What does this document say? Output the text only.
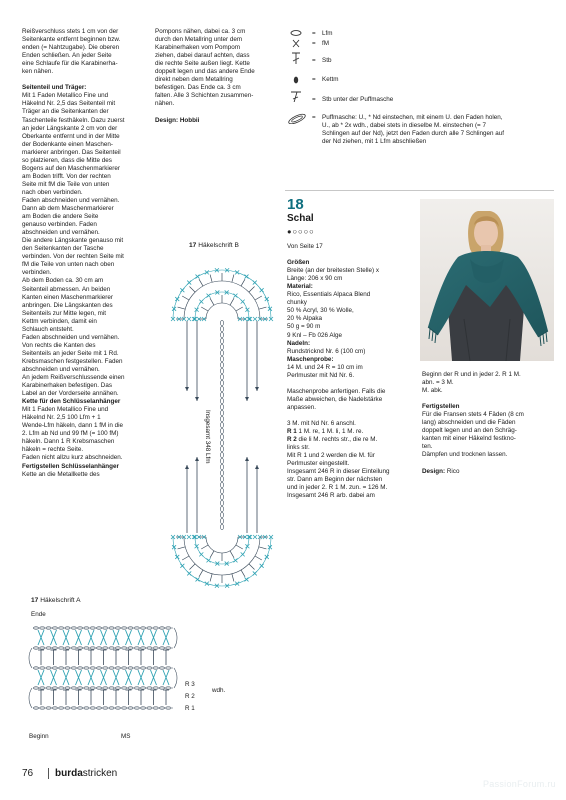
Reißverschluss stets 1 cm von der
Seitenkante entfernt beginnen bzw.
enden (= Nahtzugabe). Die oberen
Enden schließen. An jeder Seite
eine Schlaufe für die Karabinerha-
ken nähen.

Seitenteil und Träger:
Mit 1 Faden Metallico Fine und
Häkelnd Nr. 2,5 das Seitenteil mit
Träger an die Seitenkanten der
Taschenteile festhäkeln. Dazu zuerst
an jeder Längskante 2 cm von der
Oberkante entfernt und in der Mitte
der Bodenkante einen Maschen-
markierer anbringen. Das Seitenteil
so platzieren, dass die Mitte des
Bogens auf den Maschenmarkierer
am Boden trifft. Von der rechten
Seite mit fM die Teile von unten
nach oben verbinden.
Faden abschneiden und vernähen.
Dann ab dem Maschenmarkierer
am Boden die andere Seite
genauso verbinden. Faden
abschneiden und vernähen.
Die andere Längskante genauso mit
den Seitenkanten der Tasche
verbinden. Von der rechten Seite mit
fM die Teile von unten nach oben
verbinden.
Ab dem Boden ca. 30 cm am
Seitenteil abmessen. An beiden
Kanten einen Maschenmarkierer
anbringen. Die Längskanten des
Seitenteils zur Mitte legen, mit
Kettm verbinden, damit ein
Schlauch entsteht.
Faden abschneiden und vernähen.
Von rechts die Kanten des
Seitenteils an jeder Seite mit 1 Rd.
Krebsmaschen festgestellen. Faden
abschneiden und vernähen.
An jedem Reißverschlussende einen
Karabinerhaken befestigen. Das
Label an der Vorderseite annähen.
Kette für den Schlüsselanhänger
Mit 1 Faden Metallico Fine und
Häkelnd Nr. 2,5 100 Lfm + 1
Wende-Lfm häkeln, dann 1 fM in die
2. Lfm ab Nd und 99 fM (= 100 fM)
häkeln. Dann 1 R Krebsmaschen
häkeln = rechte Seite.
Faden nicht allzu kurz abschneiden.
Fertigstellen Schlüsselanhänger
Kette an die Metallkette des
Pompons nähen, dabei ca. 3 cm
durch den Metallring unter dem
Karabinerhaken vom Pompom
ziehen, dabei darauf achten, dass
die rechte Seite außen liegt. Kette
doppelt legen und das andere Ende
direkt neben dem Metallring
befestigen. Das Ende ca. 3 cm
falten. Alle 3 Schichten zusammen-
nähen.

Design: Hobbii
= Lfm
= fM
= Stb
= Kettm
= Stb unter der Puffmasche
= Puffmasche: U., * Nd einstechen, mit einem U. den Faden holen,
U., ab * 2x wdh., dabei stets in dieselbe M. einstechen (= 7
Schlingen auf der Nd), jetzt den Faden durch alle 7 Schlingen auf
der Nd ziehen, mit 1 Lfm abschließen
18
Schal
●○○○○
Von Seite 17

Größen
Breite (an der breitesten Stelle) x
Länge: 206 x 90 cm
Material:
Rico, Essentials Alpaca Blend
chunky
50 % Acryl, 30 % Wolle,
20 % Alpaka
50 g = 90 m
9 Knl – Fb 026 Alge
Nadeln:
Rundstricknd Nr. 6 (100 cm)
Maschenprobe:
14 M. und 24 R = 10 cm im
Perlmuster mit Nd Nr. 6.

Maschenprobe anfertigen. Falls die
Maße abweichen, die Nadelstärke
anpassen.

3 M. mit Nd Nr. 6 anschl.
R 1 1 M. re, 1 M. li, 1 M. re.
R 2 die li M. rechts str., die re M.
links str.
Mit R 1 und 2 werden die M. für
Perlmuster eingestellt.
Insgesamt 246 R in dieser Einteilung
str. Dann am Beginn der nächsten
und in jeder 2. R 1 M. zun. = 126 M.
Insgesamt 246 R arb. dabei am
Beginn der R und in jeder 2. R 1 M.
abn. = 3 M.
M. abk.

Fertigstellen
Für die Fransen stets 4 Fäden (8 cm
lang) abschneiden und die Fäden
doppelt legen und an den Schräg-
kanten mit einer Häkelnd festkno-
ten.
Dämpfen und trocknen lassen.

Design: Rico
17 Häkelschrift B
Insgesamt 348 Lfm
17 Häkelschrift A
Ende
R 3
R 2
R 1
wdh.
Beginn	MS
76 burdastricken
PassionForum.ru
